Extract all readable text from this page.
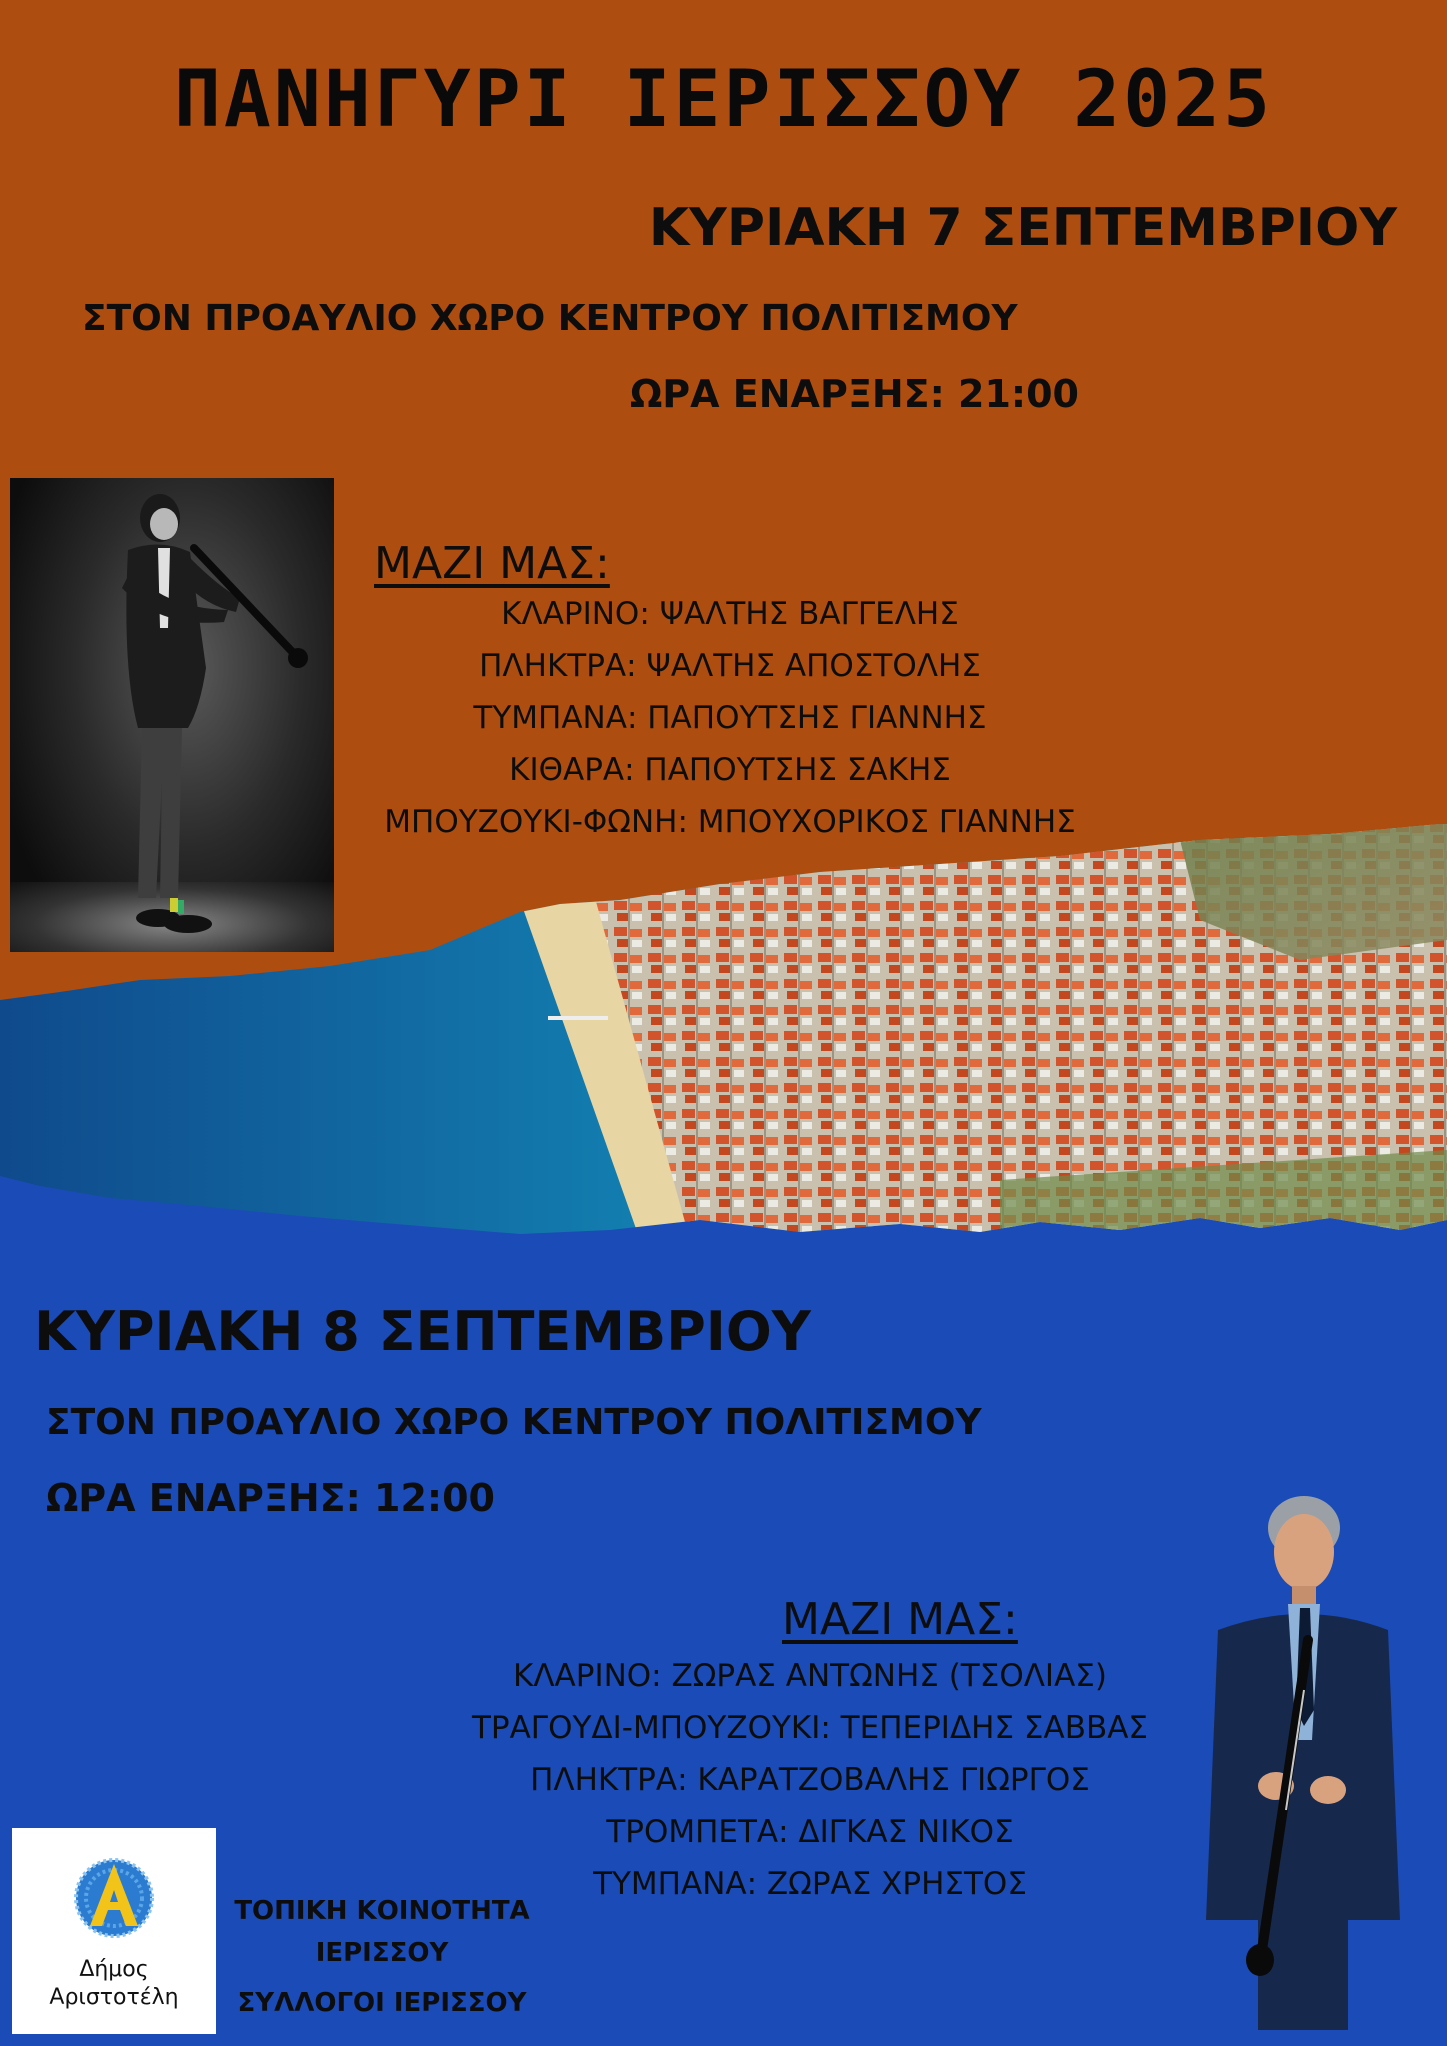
ΠΑΝΗΓΥΡΙ ΙΕΡΙΣΣΟΥ 2025
ΚΥΡΙΑΚΗ 7 ΣΕΠΤΕΜΒΡΙΟΥ
ΣΤΟΝ ΠΡΟΑΥΛΙΟ ΧΩΡΟ ΚΕΝΤΡΟΥ ΠΟΛΙΤΙΣΜΟΥ
ΩΡΑ ΕΝΑΡΞΗΣ: 21:00
ΜΑΖΙ ΜΑΣ:
ΚΛΑΡΙΝΟ: ΨΑΛΤΗΣ ΒΑΓΓΕΛΗΣ
ΠΛΗΚΤΡΑ: ΨΑΛΤΗΣ ΑΠΟΣΤΟΛΗΣ
ΤΥΜΠΑΝΑ: ΠΑΠΟΥΤΣΗΣ ΓΙΑΝΝΗΣ
ΚΙΘΑΡΑ: ΠΑΠΟΥΤΣΗΣ ΣΑΚΗΣ
ΜΠΟΥΖΟΥΚΙ-ΦΩΝΗ: ΜΠΟΥΧΟΡΙΚΟΣ ΓΙΑΝΝΗΣ
ΚΥΡΙΑΚΗ 8 ΣΕΠΤΕΜΒΡΙΟΥ
ΣΤΟΝ ΠΡΟΑΥΛΙΟ ΧΩΡΟ ΚΕΝΤΡΟΥ ΠΟΛΙΤΙΣΜΟΥ
ΩΡΑ ΕΝΑΡΞΗΣ: 12:00
ΜΑΖΙ ΜΑΣ:
ΚΛΑΡΙΝΟ: ΖΩΡΑΣ ΑΝΤΩΝΗΣ (ΤΣΟΛΙΑΣ)
ΤΡΑΓΟΥΔΙ-ΜΠΟΥΖΟΥΚΙ: ΤΕΠΕΡΙΔΗΣ ΣΑΒΒΑΣ
ΠΛΗΚΤΡΑ: ΚΑΡΑΤΖΟΒΑΛΗΣ ΓΙΩΡΓΟΣ
ΤΡΟΜΠΕΤΑ: ΔΙΓΚΑΣ ΝΙΚΟΣ
ΤΥΜΠΑΝΑ: ΖΩΡΑΣ ΧΡΗΣΤΟΣ
Δήμος
Αριστοτέλη
ΤΟΠΙΚΗ ΚΟΙΝΟΤΗΤΑ
ΙΕΡΙΣΣΟΥ
ΣΥΛΛΟΓΟΙ ΙΕΡΙΣΣΟΥ
